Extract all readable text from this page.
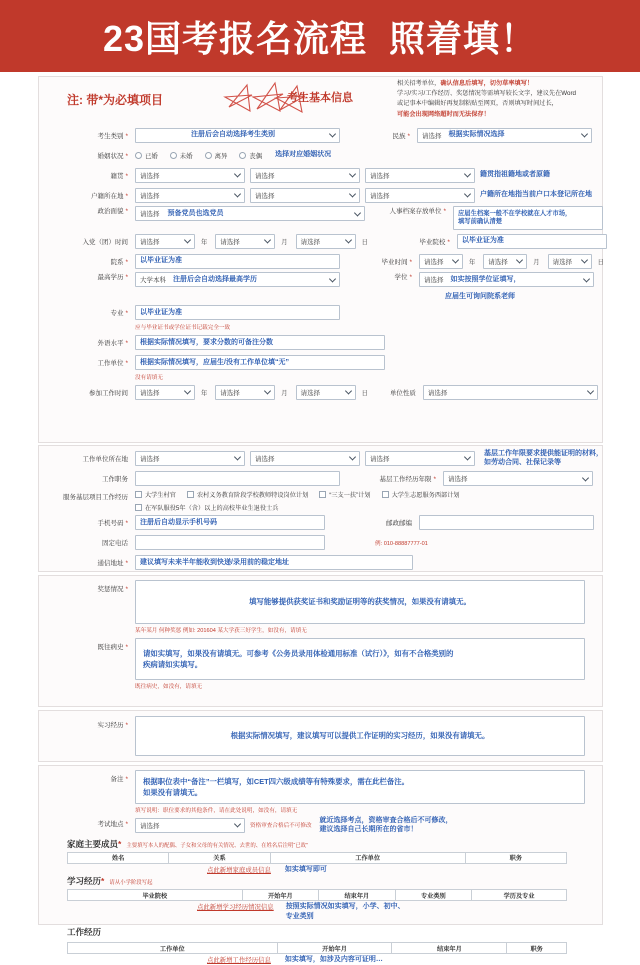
23国考报名流程 照着填！
注: 带*为必填项目	考生基本信息
相关招考单位，确认信息后填写，切勿草率填写！
学习/实习/工作经历、奖惩情况等需填写较长文字，建议先在Word
或记事本中编辑好再复制粘贴至网页，否则填写时间过长，
可能会出现网络超时而无法保存！
考生类别 *	注册后会自动选择考生类别	民族 *	请选择 根据实际情况选择
婚姻状况 *	已婚	未婚	离异	丧偶 选择对应婚姻状况
籍贯 *	请选择	请选择	请选择	籍贯指祖籍地或者原籍
户籍所在地 *	请选择	请选择	请选择	户籍所在地指当前户口本登记所在地
政治面貌 *	请选择 预备党员也选党员	人事档案存放单位 *	应届生档案一般不在学校就在人才市场，
填写前确认清楚
入党（团）时间	请选择	年 请选择	月 请选择	日	毕业院校 *	以毕业证为准
院系 *	以毕业证为准	毕业时间 *	请选择	年 请选择	月 请选择	日
最高学历 *	大学本科 注册后会自动选择最高学历	学位 *	请选择 如实按照学位证填写，
应届生可询问院系老师
专业 *	以毕业证为准
应与毕业证书或学位证书记载完全一致
外语水平 *	根据实际情况填写，要求分数的可备注分数
工作单位 *	根据实际情况填写，应届生/没有工作单位填“无”
没有请填无
参加工作时间	请选择	年 请选择	月 请选择	日	单位性质	请选择
工作单位所在地	请选择	请选择	请选择
基层工作年限要求提供能证明的材料，
如劳动合同、社保记录等
工作职务	基层工作经历年限 *	请选择
服务基层项目工作经历	大学生村官	农村义务教育阶段学校教师特设岗位计划	“三支一扶”计划	大学生志愿服务西部计划
在军队服役5年（含）以上的高校毕业生退役士兵
手机号码 *	注册后自动显示手机号码	邮政邮编
固定电话	例: 010-88887777-01
通信地址 *	建议填写未来半年能收到快递/录用前的稳定地址
奖惩情况 *
填写能够提供获奖证书和奖励证明等的获奖情况，如果没有请填无。
某年某月 何种奖惩 例如: 201604 某大学获三好学生，如没有，请填无
既往病史 *
请如实填写，如果没有请填无。可参考《公务员录用体检通用标准（试行）》，如有不合格类别的
疾病请如实填写。
既往病史，如没有，请填无
实习经历 *
根据实际情况填写，建议填写可以提供工作证明的实习经历，如果没有请填无。
备注 *	根据职位表中“备注”一栏填写，如CET四六级成绩等有特殊要求，需在此栏备注。
如果没有请填无。
填写说明：职位要求的其他条件，请在此处说明，如没有，请填无
考试地点 *	请选择	资格审查合格后不可修改
就近选择考点，资格审查合格后不可修改，
建议选择自己长期所在的省市！
家庭主要成员* 主要填写本人的配偶、子女和父母的有关情况、去世的、在姓名后注明“已故”
姓名	关系	工作单位	职务
点此新增家庭成员信息 如实填写即可
学习经历* 请从小学阶段写起
毕业院校	开始年月	结束年月	专业类别	学历及专业
点此新增学习经历情况信息 按照实际情况如实填写，小学、初中、
专业类别
工作经历
工作单位	开始年月	结束年月	职务
点此新增工作经历信息 如实填写，如涉及内容可证明…
